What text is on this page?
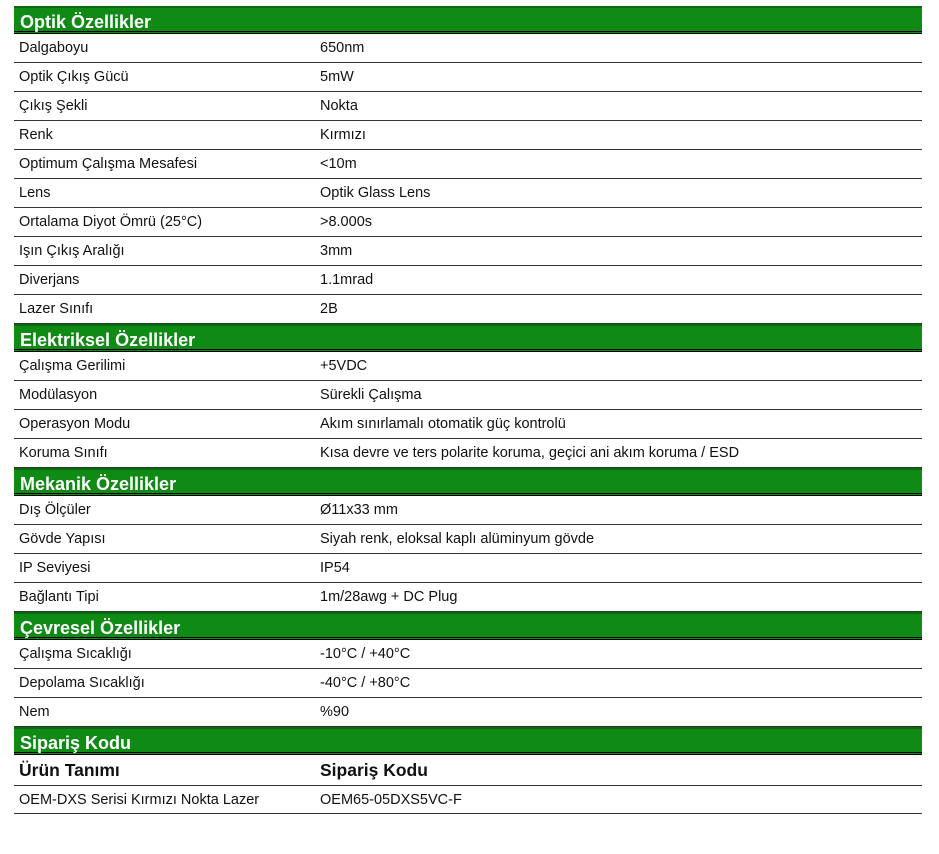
Optik Özellikler
Dalgaboyu	650nm
Optik Çıkış Gücü	5mW
Çıkış Şekli	Nokta
Renk	Kırmızı
Optimum Çalışma Mesafesi	<10m
Lens	Optik Glass Lens
Ortalama Diyot Ömrü (25°C)	>8.000s
Işın Çıkış Aralığı	3mm
Diverjans	1.1mrad
Lazer Sınıfı	2B
Elektriksel Özellikler
Çalışma Gerilimi	+5VDC
Modülasyon	Sürekli Çalışma
Operasyon Modu	Akım sınırlamalı otomatik güç kontrolü
Koruma Sınıfı	Kısa devre ve ters polarite koruma, geçici ani akım koruma / ESD
Mekanik Özellikler
Dış Ölçüler	Ø11x33 mm
Gövde Yapısı	Siyah renk, eloksal kaplı alüminyum gövde
IP Seviyesi	IP54
Bağlantı Tipi	1m/28awg + DC Plug
Çevresel Özellikler
Çalışma Sıcaklığı	-10°C / +40°C
Depolama Sıcaklığı	-40°C / +80°C
Nem	%90
Sipariş Kodu
Ürün Tanımı	Sipariş Kodu
OEM-DXS Serisi Kırmızı Nokta Lazer	OEM65-05DXS5VC-F
